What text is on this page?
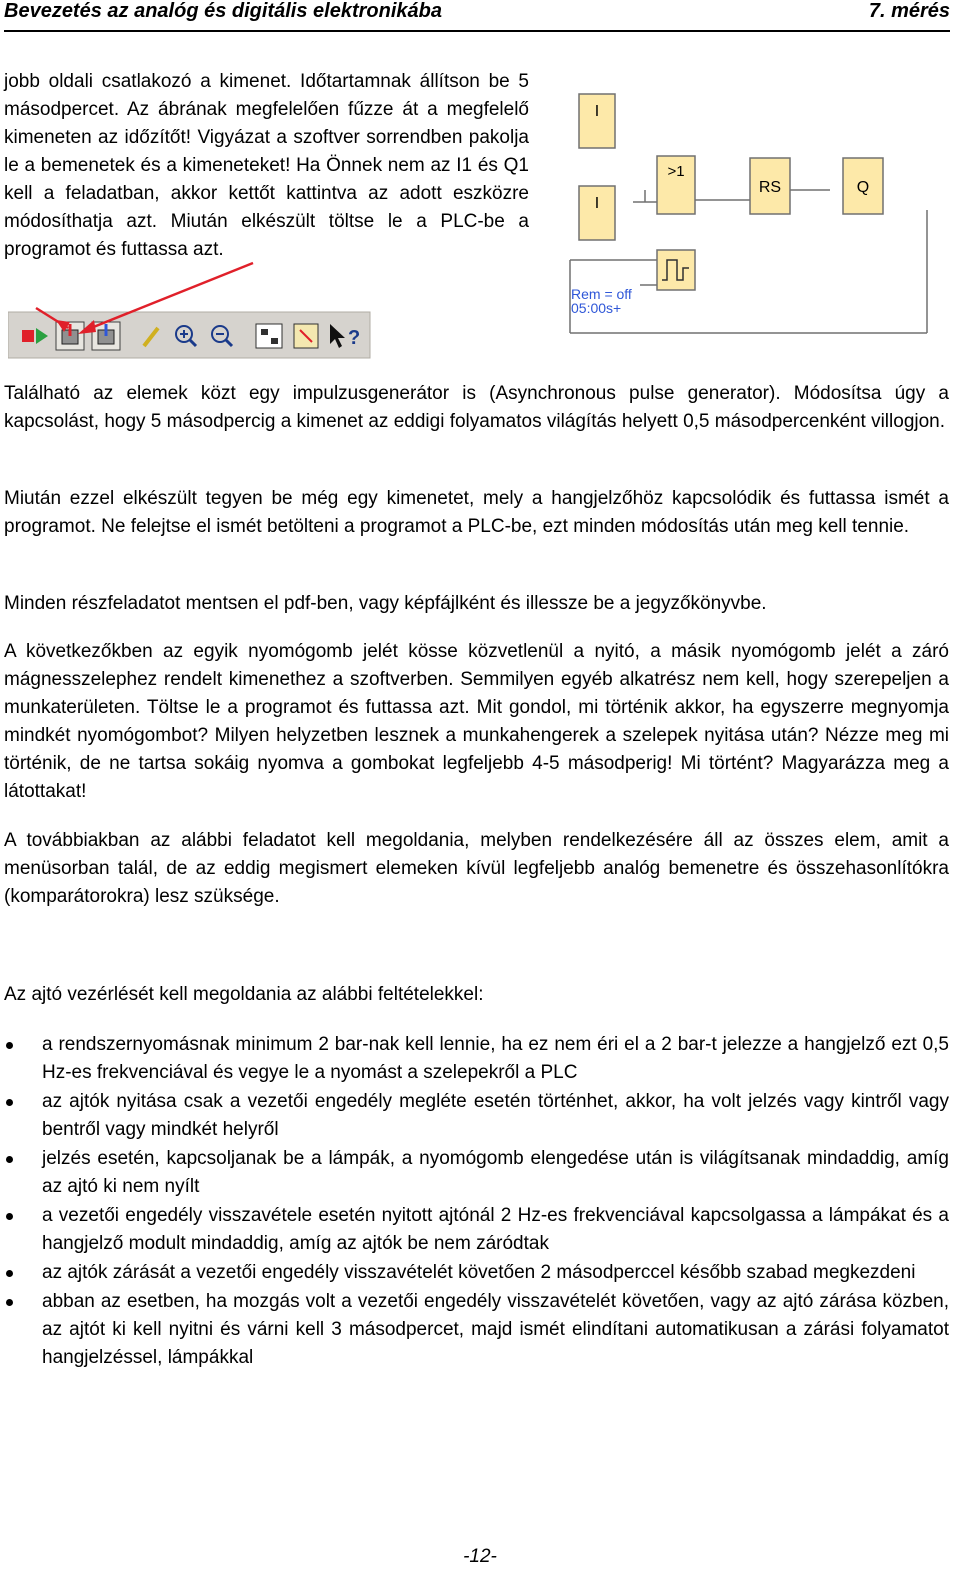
Bevezetés az analóg és digitális elektronikába	7. mérés
jobb oldali csatlakozó a kimenet. Időtartamnak állítson be 5 másodpercet. Az ábrának megfelelően fűzze át a megfelelő kimeneten az időzítőt! Vigyázat a szoftver sorrendben pakolja le a bemenetek és a kimeneteket! Ha Önnek nem az I1 és Q1 kell a feladatban, akkor kettőt kattintva az adott eszközre módosíthatja azt. Miután elkészült töltse le a PLC-be a programot és futtassa azt.
I
I
>1
RS	Q
Rem = off
05:00s+
?
Található az elemek közt egy impulzusgenerátor is (Asynchronous pulse generator). Módosítsa úgy a kapcsolást, hogy 5 másodpercig a kimenet az eddigi folyamatos világítás helyett 0,5 másodpercenként villogjon.
Miután ezzel elkészült tegyen be még egy kimenetet, mely a hangjelzőhöz kapcsolódik és futtassa ismét a programot. Ne felejtse el ismét betölteni a programot a PLC-be, ezt minden módosítás után meg kell tennie.
Minden részfeladatot mentsen el pdf-ben, vagy képfájlként és illessze be a jegyzőkönyvbe.
A következőkben az egyik nyomógomb jelét kösse közvetlenül a nyitó, a másik nyomógomb jelét a záró mágnesszelephez rendelt kimenethez a szoftverben. Semmilyen egyéb alkatrész nem kell, hogy szerepeljen a munkaterületen. Töltse le a programot és futtassa azt. Mit gondol, mi történik akkor, ha egyszerre megnyomja mindkét nyomógombot? Milyen helyzetben lesznek a munkahengerek a szelepek nyitása után? Nézze meg mi történik, de ne tartsa sokáig nyomva a gombokat legfeljebb 4-5 másodperig! Mi történt? Magyarázza meg a látottakat!
A továbbiakban az alábbi feladatot kell megoldania, melyben rendelkezésére áll az összes elem, amit a menüsorban talál, de az eddig megismert elemeken kívül legfeljebb analóg bemenetre és összehasonlítókra (komparátorokra) lesz szüksége.
Az ajtó vezérlését kell megoldania az alábbi feltételekkel:
a rendszernyomásnak minimum 2 bar-nak kell lennie, ha ez nem éri el a 2 bar-t jelezze a hangjelző ezt 0,5 Hz-es frekvenciával és vegye le a nyomást a szelepekről a PLC
az ajtók nyitása csak a vezetői engedély megléte esetén történhet, akkor, ha volt jelzés vagy kintről vagy bentről vagy mindkét helyről
jelzés esetén, kapcsoljanak be a lámpák, a nyomógomb elengedése után is világítsanak mindaddig, amíg az ajtó ki nem nyílt
a vezetői engedély visszavétele esetén nyitott ajtónál 2 Hz-es frekvenciával kapcsolgassa a lámpákat és a hangjelző modult mindaddig, amíg az ajtók be nem záródtak
az ajtók zárását a vezetői engedély visszavételét követően 2 másodperccel később szabad megkezdeni
abban az esetben, ha mozgás volt a vezetői engedély visszavételét követően, vagy az ajtó zárása közben, az ajtót ki kell nyitni és várni kell 3 másodpercet, majd ismét elindítani automatikusan a zárási folyamatot hangjelzéssel, lámpákkal
-12-
